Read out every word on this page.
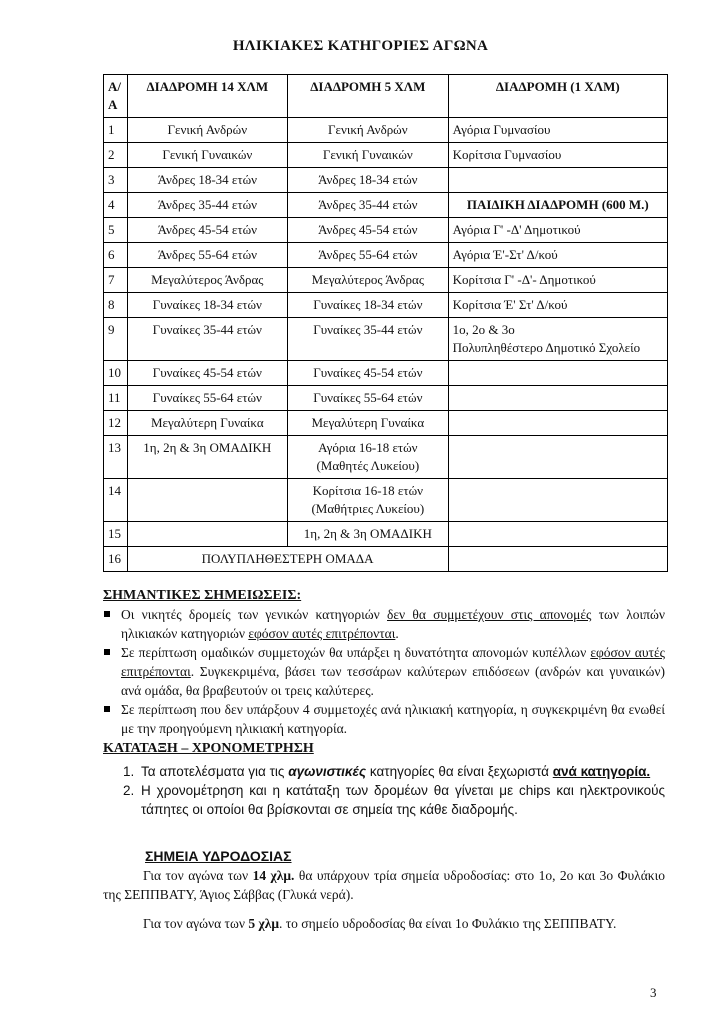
ΗΛΙΚΙΑΚΕΣ ΚΑΤΗΓΟΡΙΕΣ ΑΓΩΝΑ
Α/Α	ΔΙΑΔΡΟΜΗ 14 ΧΛΜ	ΔΙΑΔΡΟΜΗ 5 ΧΛΜ	ΔΙΑΔΡΟΜΗ (1 ΧΛΜ)
1	Γενική Ανδρών	Γενική Ανδρών	Αγόρια Γυμνασίου
2	Γενική Γυναικών	Γενική Γυναικών	Κορίτσια Γυμνασίου
3	Άνδρες 18-34 ετών	Άνδρες 18-34 ετών	
4	Άνδρες 35-44 ετών	Άνδρες 35-44 ετών	ΠΑΙΔΙΚΗ ΔΙΑΔΡΟΜΗ (600 Μ.)
5	Άνδρες 45-54 ετών	Άνδρες 45-54 ετών	Αγόρια Γ' -Δ' Δημοτικού
6	Άνδρες 55-64 ετών	Άνδρες 55-64 ετών	Αγόρια Έ'-Στ' Δ/κού
7	Μεγαλύτερος Άνδρας	Μεγαλύτερος Άνδρας	Κορίτσια Γ' -Δ'- Δημοτικού
8	Γυναίκες 18-34 ετών	Γυναίκες 18-34 ετών	Κορίτσια Έ' Στ' Δ/κού
9	Γυναίκες 35-44 ετών	Γυναίκες 35-44 ετών	1ο, 2ο & 3ο
Πολυπληθέστερο Δημοτικό Σχολείο

10	Γυναίκες 45-54 ετών	Γυναίκες 45-54 ετών	
11	Γυναίκες 55-64 ετών	Γυναίκες 55-64 ετών	
12	Μεγαλύτερη Γυναίκα	Μεγαλύτερη Γυναίκα	
13	1η, 2η & 3η ΟΜΑΔΙΚΗ	Αγόρια 16-18 ετών
(Μαθητές Λυκείου)	

14		Κορίτσια 16-18 ετών
(Μαθήτριες Λυκείου)	

15		1η, 2η & 3η ΟΜΑΔΙΚΗ	
16	ΠΟΛΥΠΛΗΘΕΣΤΕΡΗ ΟΜΑΔΑ		
ΣΗΜΑΝΤΙΚΕΣ ΣΗΜΕΙΩΣΕΙΣ:
Οι νικητές δρομείς των γενικών κατηγοριών δεν θα συμμετέχουν στις απονομές των λοιπών ηλικιακών κατηγοριών εφόσον αυτές επιτρέπονται.
Σε περίπτωση ομαδικών συμμετοχών θα υπάρξει η δυνατότητα απονομών κυπέλλων εφόσον αυτές επιτρέπονται. Συγκεκριμένα, βάσει των τεσσάρων καλύτερων επιδόσεων (ανδρών και γυναικών) ανά ομάδα, θα βραβευτούν οι τρεις καλύτερες.
Σε περίπτωση που δεν υπάρξουν 4 συμμετοχές ανά ηλικιακή κατηγορία, η συγκεκριμένη θα ενωθεί με την προηγούμενη ηλικιακή κατηγορία.
ΚΑΤΑΤΑΞΗ – ΧΡΟΝΟΜΕΤΡΗΣΗ
1. Τα αποτελέσματα για τις αγωνιστικές κατηγορίες θα είναι ξεχωριστά ανά κατηγορία.
2. Η χρονομέτρηση και η κατάταξη των δρομέων θα γίνεται με chips και ηλεκτρονικούς τάπητες οι οποίοι θα βρίσκονται σε σημεία της κάθε διαδρομής.
ΣΗΜΕΙΑ ΥΔΡΟΔΟΣΙΑΣ
Για τον αγώνα των 14 χλμ. θα υπάρχουν τρία σημεία υδροδοσίας: στο 1ο, 2ο και 3ο Φυλάκιο της ΣΕΠΠΒΑΤΥ, Άγιος Σάββας (Γλυκά νερά).
Για τον αγώνα των 5 χλμ. το σημείο υδροδοσίας θα είναι 1ο Φυλάκιο της ΣΕΠΠΒΑΤΥ.
3
